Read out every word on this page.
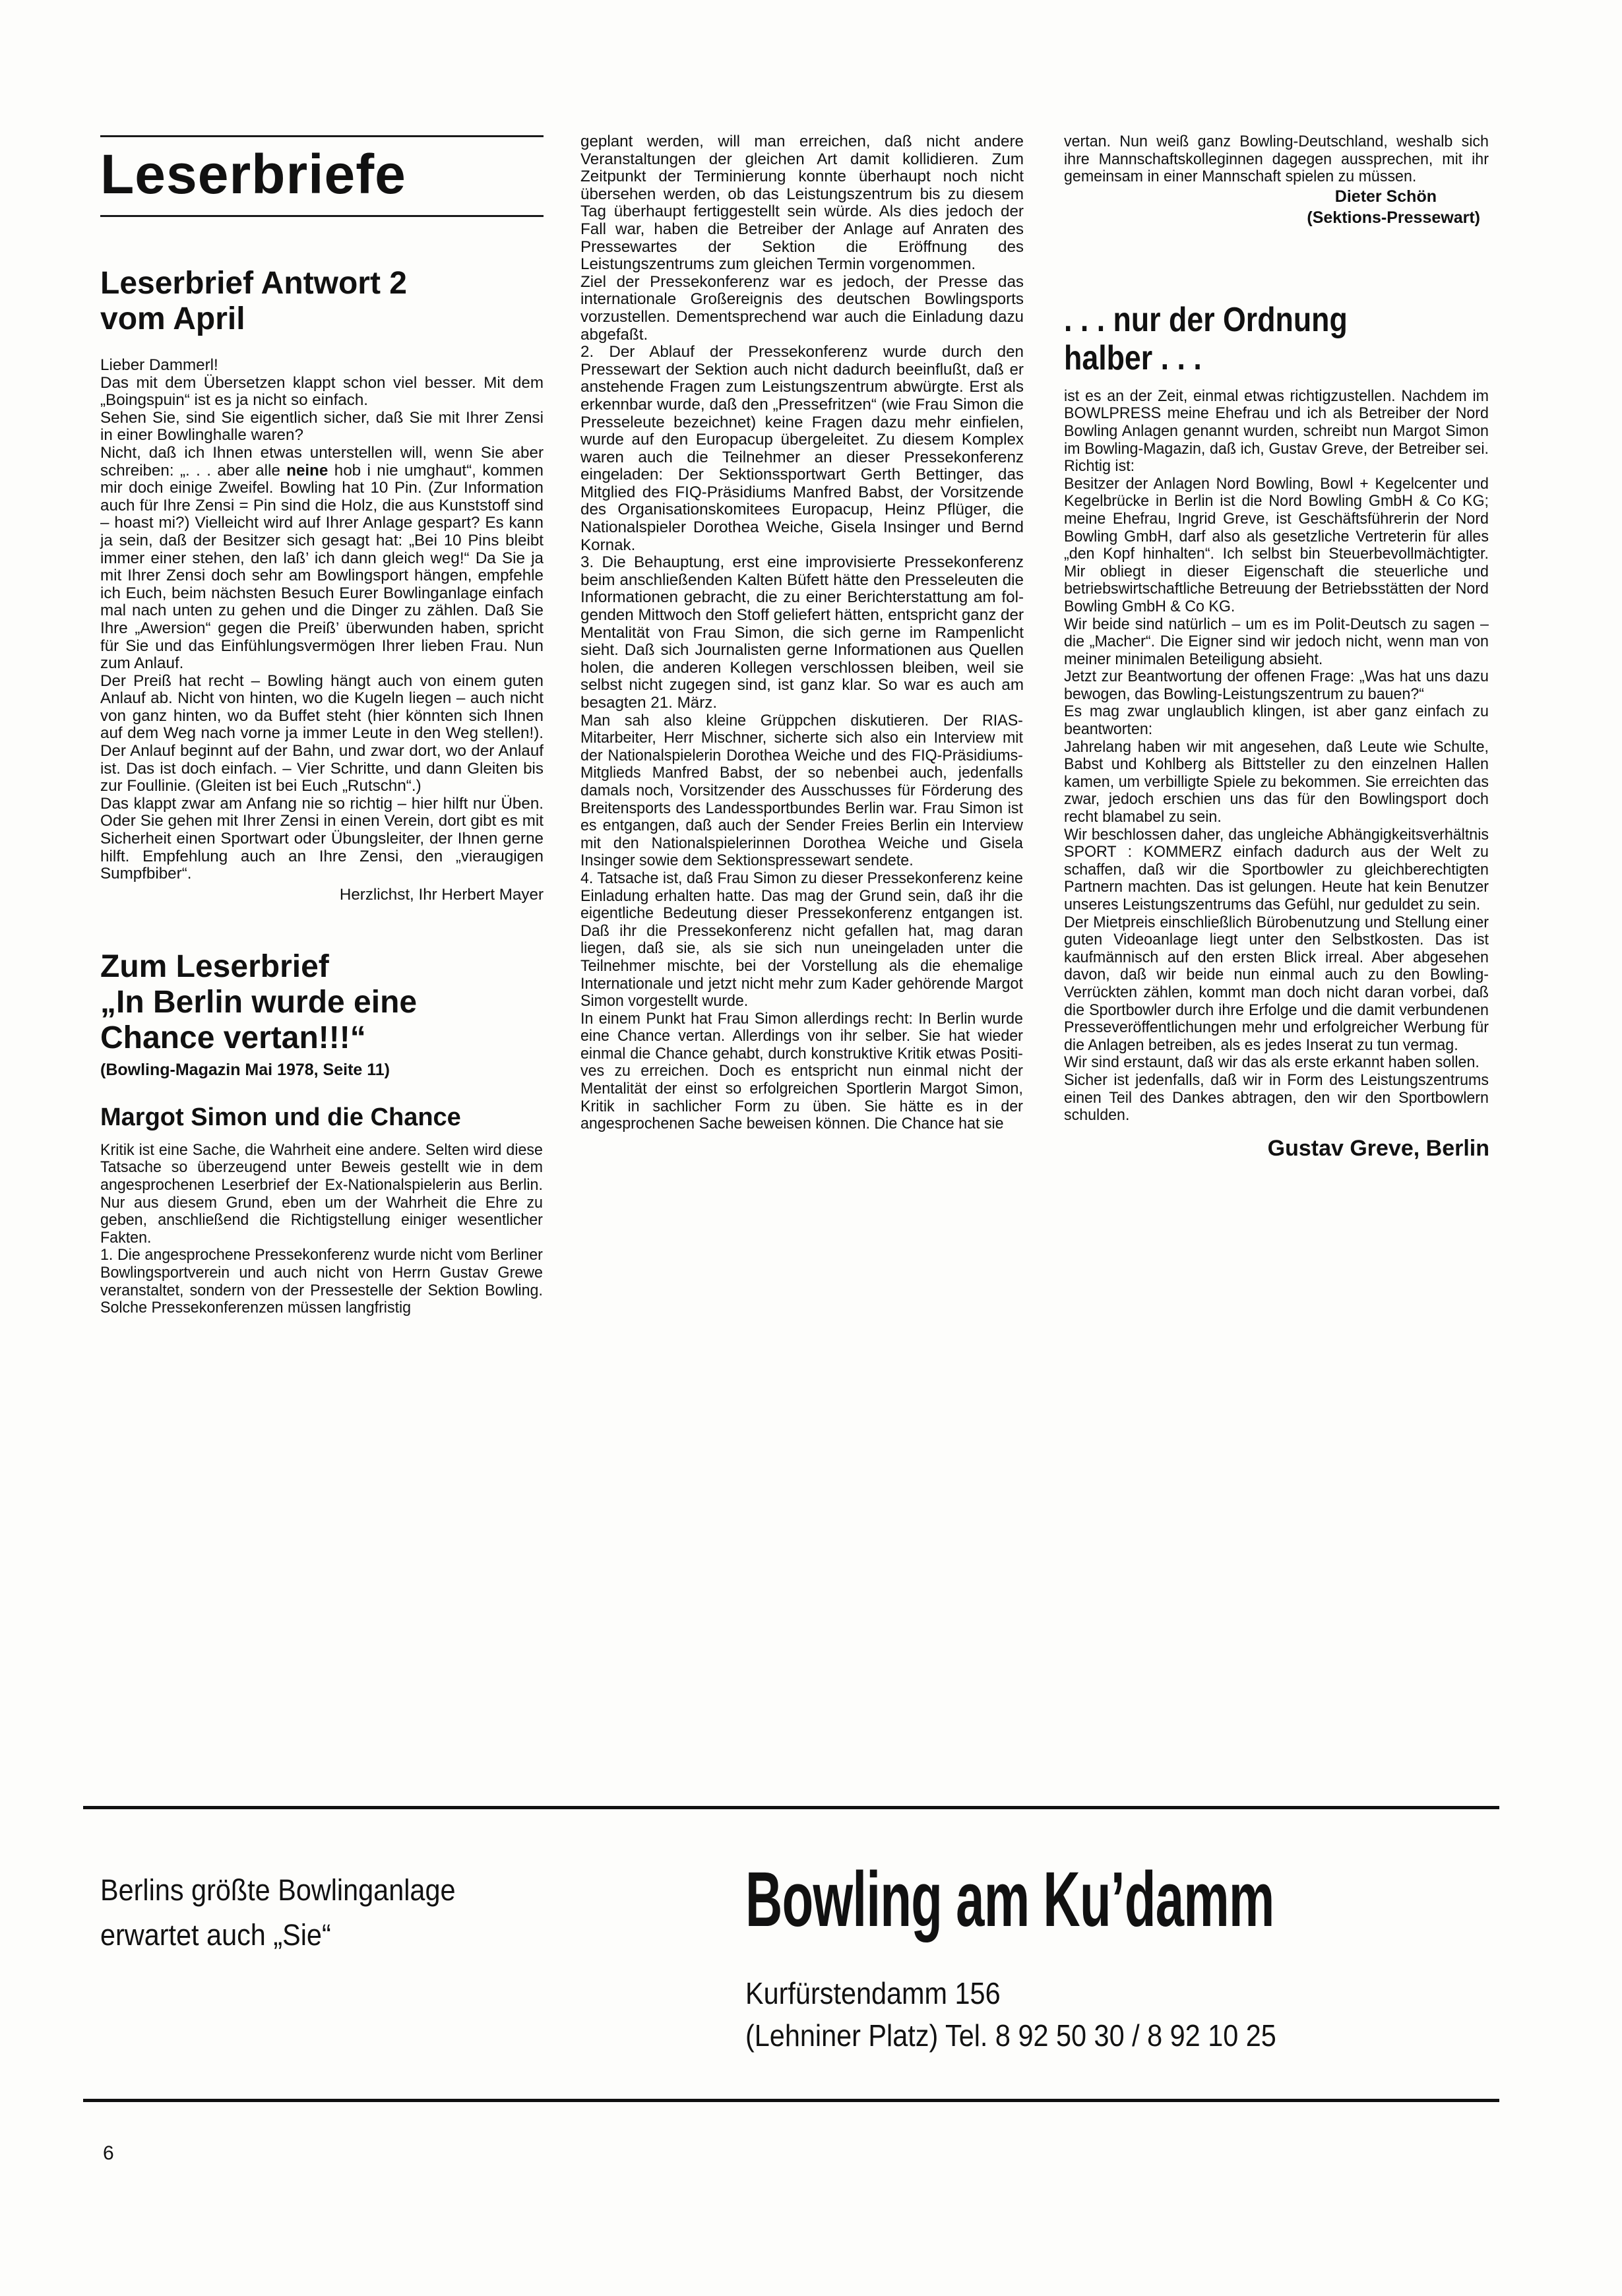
Leserbriefe
Leserbrief Antwort 2
vom April

Lieber Dammerl!

Das mit dem Übersetzen klappt schon viel besser. Mit dem „Boingspuin“ ist es ja nicht so einfach.

Sehen Sie, sind Sie eigentlich sicher, daß Sie mit Ihrer Zensi in einer Bowlinghalle waren?

Nicht, daß ich Ihnen etwas unterstellen will, wenn Sie aber schreiben: „. . . aber alle neine hob i nie umghaut“, kommen mir doch einige Zweifel. Bowling hat 10 Pin. (Zur Information auch für Ihre Zensi = Pin sind die Holz, die aus Kunststoff sind – hoast mi?) Vielleicht wird auf Ihrer Anlage gespart? Es kann ja sein, daß der Besitzer sich gesagt hat: „Bei 10 Pins bleibt immer einer stehen, den laß’ ich dann gleich weg!“ Da Sie ja mit Ihrer Zensi doch sehr am Bowlingsport hängen, empfehle ich Euch, beim nächsten Besuch Eurer Bowlinganlage einfach mal nach unten zu gehen und die Dinger zu zählen. Daß Sie Ihre „Awersion“ gegen die Preiß’ überwunden haben, spricht für Sie und das Einfühlungsvermögen Ihrer lieben Frau. Nun zum Anlauf.

Der Preiß hat recht – Bowling hängt auch von einem guten Anlauf ab. Nicht von hinten, wo die Kugeln liegen – auch nicht von ganz hinten, wo da Buffet steht (hier könnten sich Ihnen auf dem Weg nach vorne ja immer Leute in den Weg stellen!). Der Anlauf beginnt auf der Bahn, und zwar dort, wo der Anlauf ist. Das ist doch einfach. – Vier Schritte, und dann Gleiten bis zur Foullinie. (Gleiten ist bei Euch „Rutschn“.)

Das klappt zwar am Anfang nie so richtig – hier hilft nur Üben. Oder Sie gehen mit Ihrer Zensi in einen Verein, dort gibt es mit Sicherheit einen Sportwart oder Übungsleiter, der Ihnen gerne hilft. Empfehlung auch an Ihre Zensi, den „vieraugigen Sumpfbiber“.

Herzlichst, Ihr Herbert Mayer
Zum Leserbrief
„In Berlin wurde eine
Chance vertan!!!“
(Bowling-Magazin Mai 1978, Seite 11)
Margot Simon und die Chance

Kritik ist eine Sache, die Wahrheit eine andere. Selten wird diese Tatsache so überzeugend unter Beweis gestellt wie in dem angesprochenen Leserbrief der Ex-Nationalspielerin aus Berlin. Nur aus diesem Grund, eben um der Wahrheit die Ehre zu geben, anschließend die Richtigstellung einiger wesentlicher Fakten.

1. Die angesprochene Pressekonferenz wurde nicht vom Berliner Bowlingsportverein und auch nicht von Herrn Gustav Grewe veranstaltet, sondern von der Pressestelle der Sektion Bowling. Solche Pressekonferenzen müssen langfristig

geplant werden, will man erreichen, daß nicht andere Veranstaltungen der gleichen Art damit kollidieren. Zum Zeitpunkt der Terminierung konnte überhaupt noch nicht übersehen werden, ob das Leistungszentrum bis zu diesem Tag überhaupt fertiggestellt sein würde. Als dies jedoch der Fall war, haben die Betreiber der Anlage auf Anraten des Pressewartes der Sektion die Eröffnung des Leistungszentrums zum gleichen Termin vorgenommen.

Ziel der Pressekonferenz war es jedoch, der Presse das internationale Großereignis des deutschen Bowlingsports vorzustellen. Dementsprechend war auch die Einladung dazu abgefaßt.

2. Der Ablauf der Pressekonferenz wurde durch den Pressewart der Sektion auch nicht dadurch beeinflußt, daß er anstehende Fragen zum Leistungszentrum abwürgte. Erst als erkennbar wurde, daß den „Pressefritzen“ (wie Frau Simon die Presseleute bezeichnet) keine Fragen dazu mehr einfielen, wurde auf den Europacup übergeleitet. Zu diesem Komplex waren auch die Teilnehmer an dieser Pressekonferenz eingeladen: Der Sektionssportwart Gerth Bettinger, das Mitglied des FIQ-Präsidiums Manfred Babst, der Vorsitzende des Organisationskomitees Europacup, Heinz Pflüger, die Nationalspieler Dorothea Weiche, Gisela Insinger und Bernd Kornak.

3. Die Behauptung, erst eine improvisierte Pressekonferenz beim anschließenden Kalten Büfett hätte den Presseleuten die Informationen gebracht, die zu einer Berichterstattung am folgenden Mittwoch den Stoff geliefert hätten, entspricht ganz der Mentalität von Frau Simon, die sich gerne im Rampenlicht sieht. Daß sich Journalisten gerne Informationen aus Quellen holen, die anderen Kollegen verschlossen bleiben, weil sie selbst nicht zugegen sind, ist ganz klar. So war es auch am besagten 21. März.

Man sah also kleine Grüppchen diskutieren. Der RIAS-Mitarbeiter, Herr Mischner, sicherte sich also ein Interview mit der Nationalspielerin Dorothea Weiche und des FIQ-Präsidiums-Mitglieds Manfred Babst, der so nebenbei auch, jedenfalls damals noch, Vorsitzender des Ausschusses für Förderung des Breitensports des Landessportbundes Berlin war. Frau Simon ist es entgangen, daß auch der Sender Freies Berlin ein Interview mit den Nationalspielerinnen Dorothea Weiche und Gisela Insinger sowie dem Sektionspressewart sendete.

4. Tatsache ist, daß Frau Simon zu dieser Pressekonferenz keine Einladung erhalten hatte. Das mag der Grund sein, daß ihr die eigentliche Bedeutung dieser Pressekonferenz entgangen ist. Daß ihr die Pressekonferenz nicht gefallen hat, mag daran liegen, daß sie, als sie sich nun uneingeladen unter die Teilnehmer mischte, bei der Vorstellung als die ehemalige Internationale und jetzt nicht mehr zum Kader gehörende Margot Simon vorgestellt wurde.

In einem Punkt hat Frau Simon allerdings recht: In Berlin wurde eine Chance vertan. Allerdings von ihr selber. Sie hat wieder einmal die Chance gehabt, durch konstruktive Kritik etwas Positives zu erreichen. Doch es entspricht nun einmal nicht der Mentalität der einst so erfolgreichen Sportlerin Margot Simon, Kritik in sachlicher Form zu üben. Sie hätte es in der angesprochenen Sache beweisen können. Die Chance hat sie

vertan. Nun weiß ganz Bowling-Deutschland, weshalb sich ihre Mannschaftskolleginnen dagegen aussprechen, mit ihr gemeinsam in einer Mannschaft spielen zu müssen.

Dieter Schön
(Sektions-Pressewart)
. . . nur der Ordnung
halber . . .

ist es an der Zeit, einmal etwas richtigzustellen. Nachdem im BOWLPRESS meine Ehefrau und ich als Betreiber der Nord Bowling Anlagen genannt wurden, schreibt nun Margot Simon im Bowling-Magazin, daß ich, Gustav Greve, der Betreiber sei. Richtig ist:

Besitzer der Anlagen Nord Bowling, Bowl + Kegelcenter und Kegelbrücke in Berlin ist die Nord Bowling GmbH & Co KG; meine Ehefrau, Ingrid Greve, ist Geschäftsführerin der Nord Bowling GmbH, darf also als gesetzliche Vertreterin für alles „den Kopf hinhalten“. Ich selbst bin Steuerbevollmächtigter. Mir obliegt in dieser Eigenschaft die steuerliche und betriebswirtschaftliche Betreuung der Betriebsstätten der Nord Bowling GmbH & Co KG.

Wir beide sind natürlich – um es im Polit-Deutsch zu sagen – die „Macher“. Die Eigner sind wir jedoch nicht, wenn man von meiner minimalen Beteiligung absieht.

Jetzt zur Beantwortung der offenen Frage: „Was hat uns dazu bewogen, das Bowling-Leistungszentrum zu bauen?“

Es mag zwar unglaublich klingen, ist aber ganz einfach zu beantworten:

Jahrelang haben wir mit angesehen, daß Leute wie Schulte, Babst und Kohlberg als Bittsteller zu den einzelnen Hallen kamen, um verbilligte Spiele zu bekommen. Sie erreichten das zwar, jedoch erschien uns das für den Bowlingsport doch recht blamabel zu sein.

Wir beschlossen daher, das ungleiche Abhängigkeitsverhältnis SPORT : KOMMERZ einfach dadurch aus der Welt zu schaffen, daß wir die Sportbowler zu gleichberechtigten Partnern machten. Das ist gelungen. Heute hat kein Benutzer unseres Leistungszentrums das Gefühl, nur geduldet zu sein.

Der Mietpreis einschließlich Bürobenutzung und Stellung einer guten Videoanlage liegt unter den Selbstkosten. Das ist kaufmännisch auf den ersten Blick irreal. Aber abgesehen davon, daß wir beide nun einmal auch zu den Bowling-Verrückten zählen, kommt man doch nicht daran vorbei, daß die Sportbowler durch ihre Erfolge und die damit verbundenen Presseveröffentlichungen mehr und erfolgreicher Werbung für die Anlagen betreiben, als es jedes Inserat zu tun vermag.

Wir sind erstaunt, daß wir das als erste erkannt haben sollen.

Sicher ist jedenfalls, daß wir in Form des Leistungszentrums einen Teil des Dankes abtragen, den wir den Sportbowlern schulden.

Gustav Greve, Berlin
Berlins größte Bowlinganlage
erwartet auch „Sie“	Bowling am Ku’damm
Kurfürstendamm 156
(Lehniner Platz) Tel. 8 92 50 30 / 8 92 10 25
6
